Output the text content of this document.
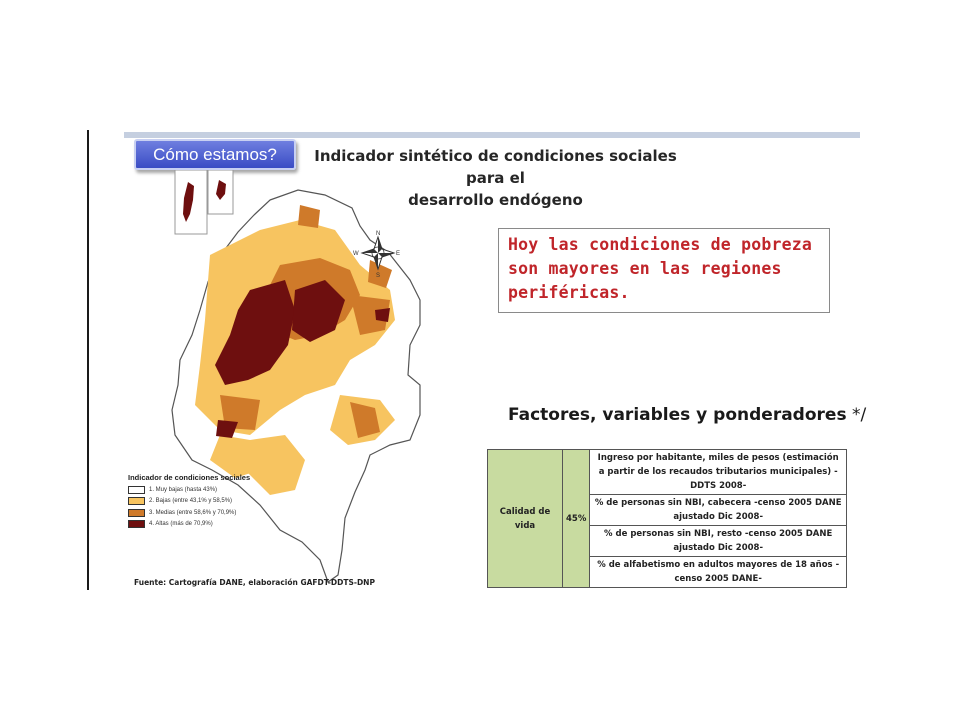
Cómo estamos?	Indicador sintético de condiciones sociales para el
desarrollo endógeno
N
S
E
W	Hoy las condiciones de pobreza
son mayores en las regiones
periféricas.
Factores, variables y ponderadores */
Calidad de vida	45%	Ingreso por habitante, miles de pesos (estimación a partir de los recaudos tributarios municipales) -DDTS 2008-
% de personas sin NBI, cabecera -censo 2005 DANE ajustado Dic 2008-
% de personas sin NBI, resto -censo 2005 DANE ajustado Dic 2008-
% de alfabetismo en adultos mayores de 18 años -censo 2005 DANE-
Indicador de condiciones sociales
1. Muy bajas (hasta 43%)
2. Bajas (entre 43,1% y 58,5%)
3. Medias (entre 58,6% y 70,9%)
4. Altas (más de 70,9%)
Fuente: Cartografía DANE, elaboración GAFDT-DDTS-DNP
